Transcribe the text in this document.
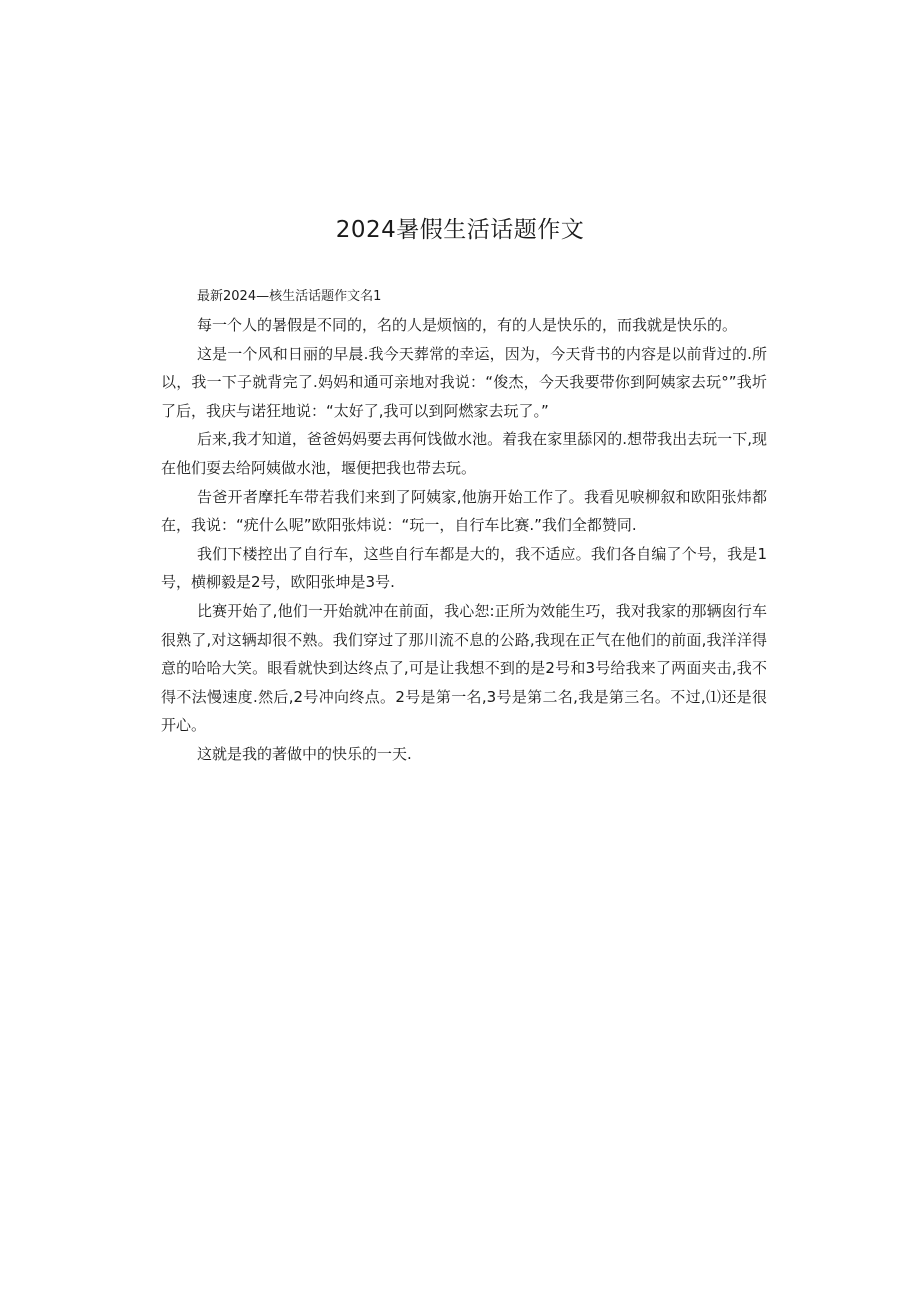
2024暑假生活话题作文

最新2024—核生活话题作文名1

每一个人的暑假是不同的，名的人是烦恼的，有的人是快乐的，而我就是快乐的。

这是一个风和日丽的早晨.我今天葬常的幸运，因为，今天背书的内容是以前背过的.所以，我一下子就背完了.妈妈和通可亲地对我说：“俊杰，今天我要带你到阿姨家去玩°”我圻了后，我庆与诺狂地说：“太好了,我可以到阿燃家去玩了。”

后来,我才知道，爸爸妈妈要去再何饯做水池。着我在家里舔冈的.想带我出去玩一下,现在他们耍去给阿姨做水池，堰便把我也带去玩。

告爸开者摩托车带若我们来到了阿姨家,他旃开始工作了。我看见唳柳叙和欧阳张炜都在，我说：“疣什么呢”欧阳张炜说：“玩一，自行车比赛.”我们全都赞同.

我们下楼控出了自行车，这些自行车都是大的，我不适应。我们各自编了个号，我是1号，横柳毅是2号，欧阳张坤是3号.

比赛开始了,他们一开始就冲在前面，我心恕:正所为效能生巧，我对我家的那辆囱行车很熟了,对这辆却很不熟。我们穿过了那川流不息的公路,我现在正气在他们的前面,我洋洋得意的哈哈大笑。眼看就快到达终点了,可是让我想不到的是2号和3号给我来了两面夹击,我不得不法慢速度.然后,2号冲向终点。2号是第一名,3号是第二名,我是第三名。不过,⑴还是很开心。

这就是我的著做中的快乐的一天.
